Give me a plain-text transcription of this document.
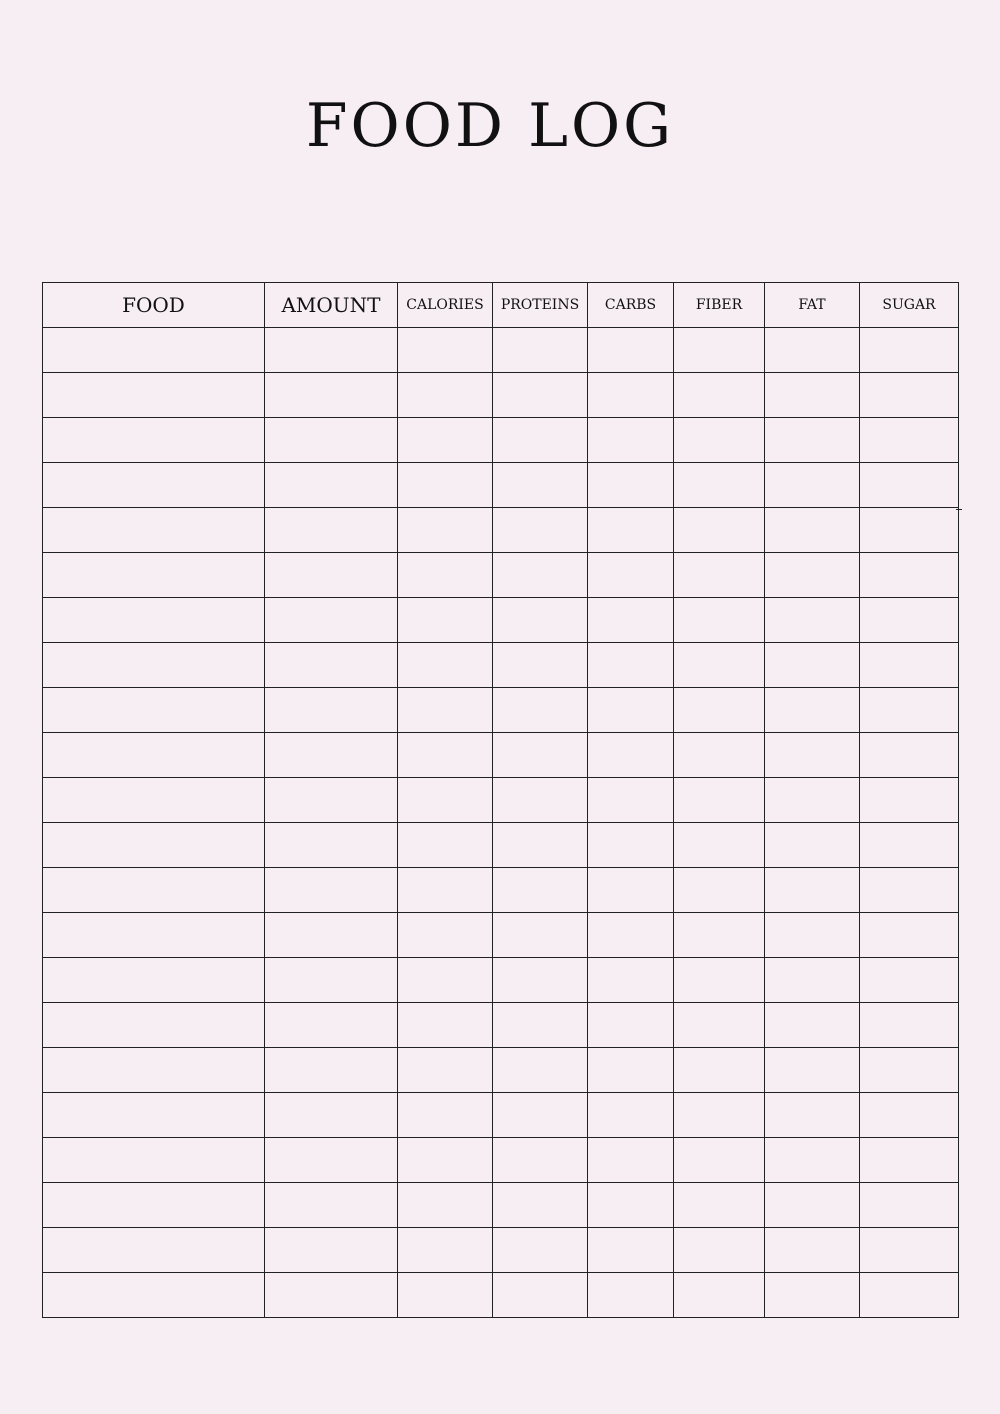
FOOD LOG
FOOD	AMOUNT	CALORIES	PROTEINS	CARBS	FIBER	FAT	SUGAR
